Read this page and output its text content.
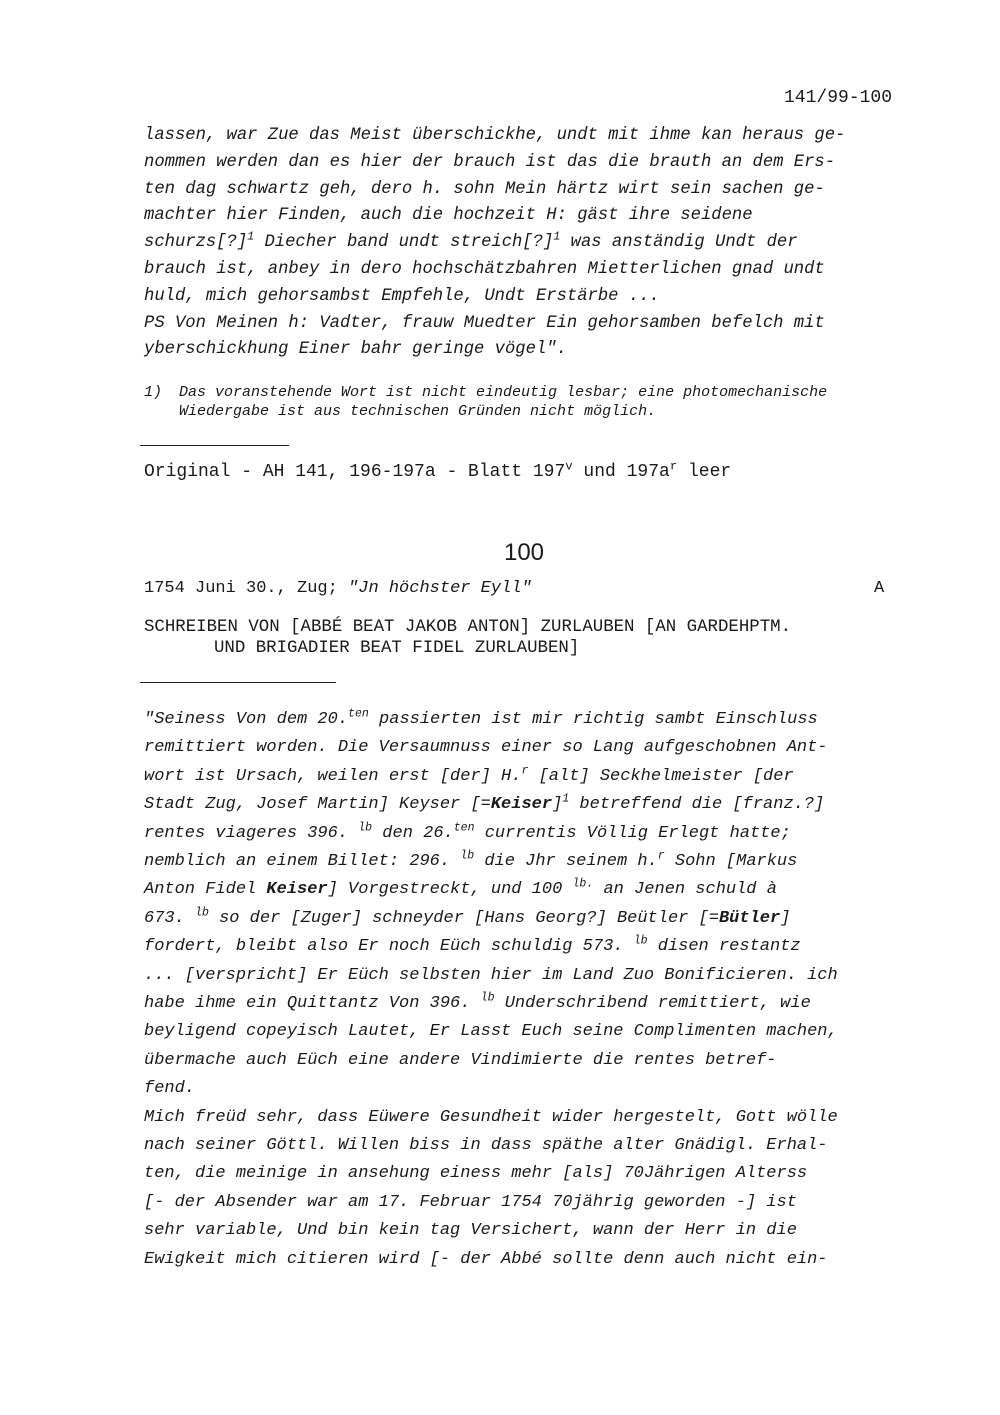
141/99-100
lassen, war Zue das Meist überschickhe, undt mit ihme kan heraus ge-
nommen werden dan es hier der brauch ist das die brauth an dem Ers-
ten dag schwartz geh, dero h. sohn Mein härtz wirt sein sachen ge-
machter hier Finden, auch die hochzeit H: gäst ihre seidene
schurzs[?]$^1$ Diecher band undt streich[?]$^1$ was anständig Undt der
brauch ist, anbey in dero hochschätzbahren Mietterlichen gnad undt
huld, mich gehorsambst Empfehle, Undt Erstärbe ...
PS Von Meinen h: Vadter, frauw Muedter Ein gehorsamben befelch mit
yberschickhung Einer bahr geringe vögel".
1) Das voranstehende Wort ist nicht eindeutig lesbar; eine photomechanische
Wiedergabe ist aus technischen Gründen nicht möglich.
Original - AH 141, 196-197a - Blatt 197$^v$ und $197a^r$ leer
100
1754 Juni 30., Zug; "Jn höchster Eyll"	A
SCHREIBEN VON [ABBÉ BEAT JAKOB ANTON] ZURLAUBEN [AN GARDEHPTM.
UND BRIGADIER BEAT FIDEL ZURLAUBEN]
"Seiness Von dem 20.$^{ten}$ passierten ist mir richtig sambt Einschluss
remittiert worden. Die Versaumnuss einer so Lang aufgeschobnen Ant-
wort ist Ursach, weilen erst [der] H.$^r$ [alt] Seckhelmeister [der
Stadt Zug, Josef Martin] Keyser [=Keiser]$^1$ betreffend die [franz.?]
rentes viageres 396. $^{lb}$ den 26.$^{ten}$ currentis Völlig Erlegt hatte;
nemblich an einem Billet: 296. $^{lb}$ die Jhr seinem h.$^r$ Sohn [Markus
Anton Fidel Keiser] Vorgestreckt, und 100 $^{lb.}$ an Jenen schuld à
673. $^{lb}$ so der [Zuger] schneyder [Hans Georg?] Beütler [=Bütler]
fordert, bleibt also Er noch Eüch schuldig 573. $^{lb}$ disen restantz
... [verspricht] Er Eüch selbsten hier im Land Zuo Bonificieren. ich
habe ihme ein Quittantz Von 396. $^{lb}$ Underschribend remittiert, wie
beyligend copeyisch Lautet, Er Lasst Euch seine Complimenten machen,
übermache auch Eüch eine andere Vindimierte die rentes betref-
fend.
Mich freüd sehr, dass Eüwere Gesundheit wider hergestelt, Gott wölle
nach seiner Göttl. Willen biss in dass späthe alter Gnädigl. Erhal-
ten, die meinige in ansehung einess mehr [als] 70Jährigen Alterss
[- der Absender war am 17. Februar 1754 70jährig geworden -] ist
sehr variable, Und bin kein tag Versichert, wann der Herr in die
Ewigkeit mich citieren wird [- der Abbé sollte denn auch nicht ein-
